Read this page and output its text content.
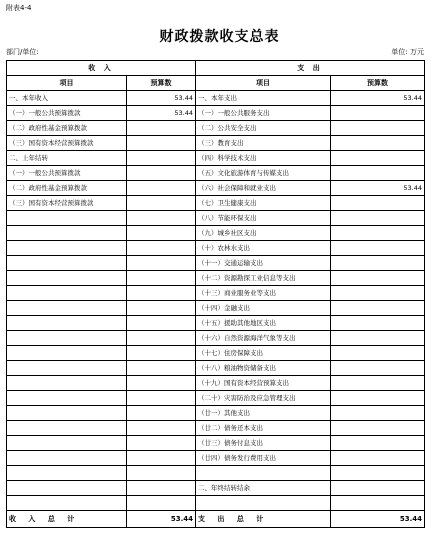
附表4-4
财政拨款收支总表
部门/单位:	单位: 万元
收 入		支 出	
项目	预算数	项目	预算数
一、本年收入	53.44	一、本年支出	53.44
（一）一般公共预算拨款	53.44	（一）一般公共服务支出	
（二）政府性基金预算拨款		（二）公共安全支出	
（三）国有资本经营预算拨款		（三）教育支出	
二、上年结转		（四）科学技术支出	
（一）一般公共预算拨款		（五）文化旅游体育与传媒支出	
（二）政府性基金预算拨款		（六）社会保障和就业支出	53.44
（三）国有资本经营预算拨款		（七）卫生健康支出	
		（八）节能环保支出	
		（九）城乡社区支出	
		（十）农林水支出	
		（十一）交通运输支出	
		（十二）资源勘探工业信息等支出	
		（十三）商业服务业等支出	
		（十四）金融支出	
		（十五）援助其他地区支出	
		（十六）自然资源海洋气象等支出	
		（十七）住房保障支出	
		（十八）粮油物资储备支出	
		（十九）国有资本经营预算支出	
		（二十）灾害防治及应急管理支出	
		（廿一）其他支出	
		（廿二）债务还本支出	
		（廿三）债务付息支出	
		（廿四）债务发行费用支出	

		二、年终结转结余	

收 入 总 计	53.44	支 出 总 计	53.44
